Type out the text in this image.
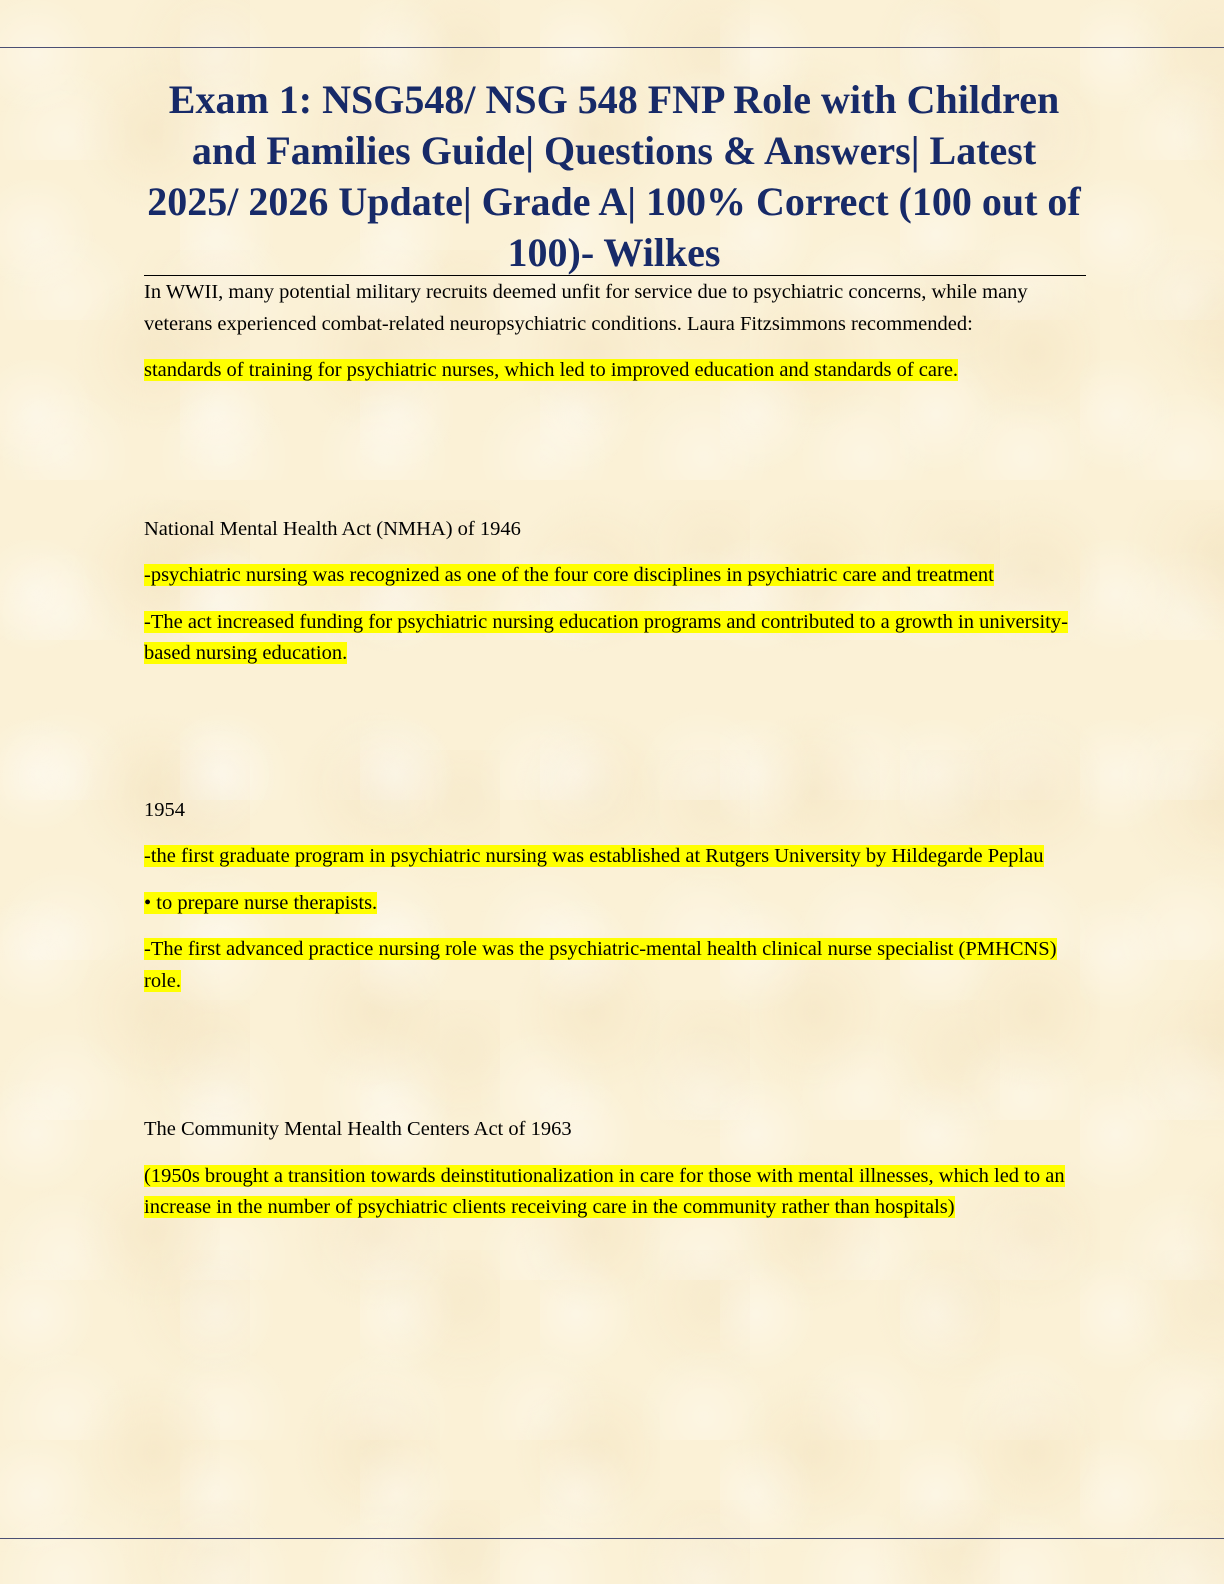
Exam 1: NSG548/ NSG 548 FNP Role with Children and Families Guide| Questions & Answers| Latest 2025/ 2026 Update| Grade A| 100% Correct (100 out of 100)- Wilkes

In WWII, many potential military recruits deemed unfit for service due to psychiatric concerns, while many veterans experienced combat-related neuropsychiatric conditions. Laura Fitzsimmons recommended:

standards of training for psychiatric nurses, which led to improved education and standards of care.

National Mental Health Act (NMHA) of 1946

-psychiatric nursing was recognized as one of the four core disciplines in psychiatric care and treatment

-The act increased funding for psychiatric nursing education programs and contributed to a growth in university-based nursing education.

1954

-the first graduate program in psychiatric nursing was established at Rutgers University by Hildegarde Peplau

• to prepare nurse therapists.

-The first advanced practice nursing role was the psychiatric-mental health clinical nurse specialist (PMHCNS) role.

The Community Mental Health Centers Act of 1963

(1950s brought a transition towards deinstitutionalization in care for those with mental illnesses, which led to an increase in the number of psychiatric clients receiving care in the community rather than hospitals)
